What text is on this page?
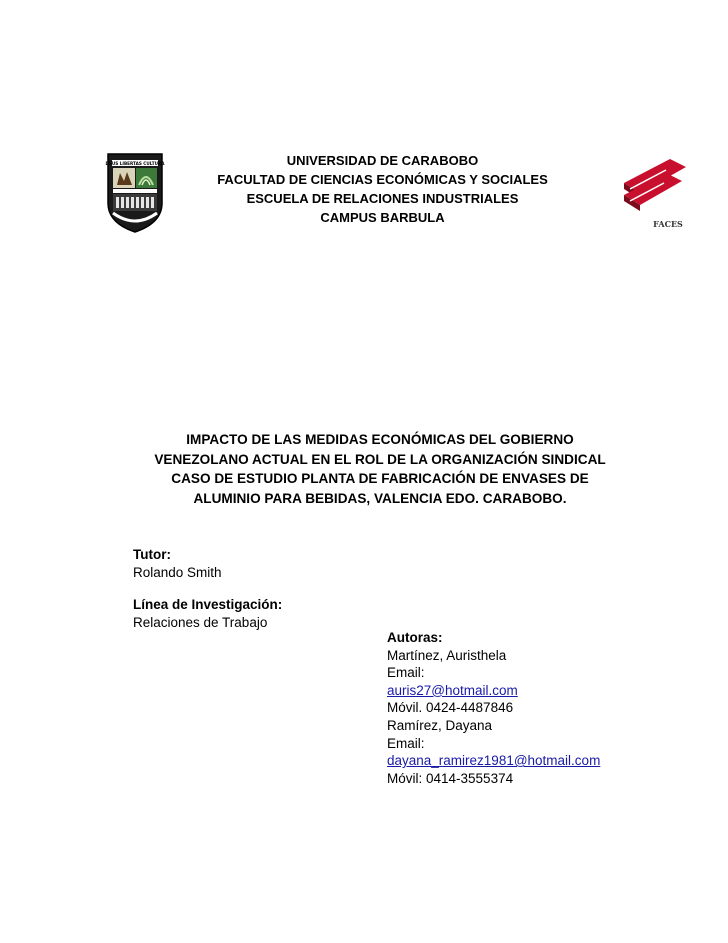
DEUS LIBERTAS CULTURA	UNIVERSIDAD DE CARABOBO
FACULTAD DE CIENCIAS ECONÓMICAS Y SOCIALES
ESCUELA DE RELACIONES INDUSTRIALES
CAMPUS BARBULA	FACES
IMPACTO DE LAS MEDIDAS ECONÓMICAS DEL GOBIERNO
VENEZOLANO ACTUAL EN EL ROL DE LA ORGANIZACIÓN SINDICAL
CASO DE ESTUDIO PLANTA DE FABRICACIÓN DE ENVASES DE
ALUMINIO PARA BEBIDAS, VALENCIA EDO. CARABOBO.
Tutor:
Rolando Smith
Línea de Investigación:
Relaciones de Trabajo
Autoras:
Martínez, Auristhela
Email:
auris27@hotmail.com
Móvil. 0424-4487846
Ramírez, Dayana
Email:
dayana_ramirez1981@hotmail.com
Móvil: 0414-3555374
